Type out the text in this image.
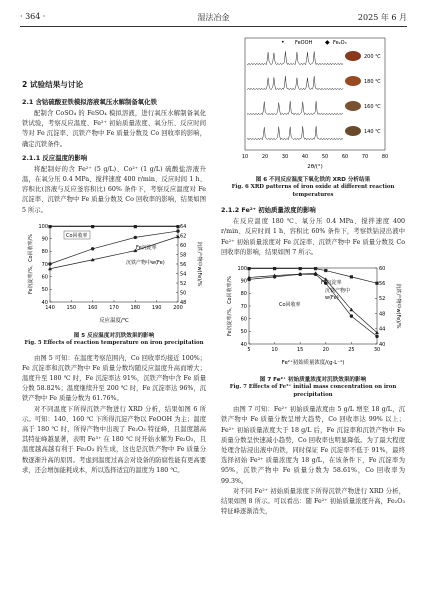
· 364 ·	湿法冶金	2025 年 6 月
2 试验结果与讨论
2.1 含钴硫酸亚铁模拟溶液氧压水解制备氧化铁

配制含 CoSO₄ 的 FeSO₄ 模拟溶液，进行氧压水解制备氧化铁试验，考察反应温度、Fe²⁺ 初始质量浓度、氧分压、反应时间等对 Fe 沉淀率、沉铁产物中 Fe 质量分数及 Co 回收率的影响，确定沉铁条件。

2.1.1 反应温度的影响

将配制好的含 Fe²⁺ (5 g/L)、Co²⁺ (1 g/L) 硫酸盐溶液升温，在氧分压 0.4 MPa、搅拌速度 400 r/min、反应时间 1 h、容积比(溶液与反应釜容积比) 60% 条件下，考察反应温度对 Fe 沉淀率、沉铁产物中 Fe 质量分数及 Co 回收率的影响，结果如图 5 所示。

140 150 160 170 180 190 200
40
50
60
70
80
90
100
48
50
52
54
56
58
60
62
64
Fe沉淀率/%，Co回收率/%	沉铁产物中w(Fe)/%
反应温度/℃
Co回收率
Fe沉淀率
沉铁产物中w(Fe)
图 5 反应温度对沉铁效果的影响
Fig. 5 Effects of reaction temperature on iron precipitation

由图 5 可知：在温度考察范围内，Co 回收率均接近 100%；Fe 沉淀率和沉铁产物中 Fe 质量分数均随反应温度升高而增大；温度升至 180 ℃ 时，Fe 沉淀率达 91%，沉铁产物中含 Fe 质量分数 58.82%；温度继续升至 200 ℃ 时，Fe 沉淀率达 96%，沉铁产物中 Fe 质量分数为 61.76%。

对不同温度下所得沉铁产物进行 XRD 分析，结果如图 6 所示。可知：140、160 ℃ 下所得沉淀产物以 FeOOH 为主；温度高于 180 ℃ 时，所得产物中出现了 Fe₂O₃ 特征峰，且温度越高其特征峰越显著，表明 Fe³⁺ 在 180 ℃ 时开始水解为 Fe₂O₃，且温度越高越有利于 Fe₂O₃ 的生成，这也是沉铁产物中 Fe 质量分数逐渐升高的原因。考虑到温度过高会对设备的防腐性能有更高要求，还会增加能耗成本，所以选择适宜的温度为 180 ℃。

FeOOH
•	Fe₂O₃
◆
200 ℃
180 ℃
160 ℃
140 ℃
10	20	30	40	50	60	70	80
2θ/(°)
图 6 不同反应温度下氧化铁的 XRD 分析结果
Fig. 6 XRD patterns of iron oxide at different reaction temperatures
2.1.2 Fe²⁺ 初始质量浓度的影响

在反应温度 180 ℃、氧分压 0.4 MPa、搅拌速度 400 r/min、反应时间 1 h、容积比 60% 条件下，考察铁钴浸出液中 Fe²⁺ 初始质量浓度对 Fe 沉淀率、沉铁产物中 Fe 质量分数及 Co 回收率的影响，结果如图 7 所示。

5	10	15	20	25	30
40
50
60
70
80
90
100
40
44
48
52
56
60
Fe沉淀率/%，Co回收率/%	沉铁产物中w(Fe)/%
Fe²⁺初始质量浓度/(g·L⁻¹)
Co回收率
Fe沉淀率
沉铁产物中
w(Fe)
图 7 Fe²⁺ 初始质量浓度对沉铁效果的影响
Fig. 7 Effects of Fe²⁺ initial mass concentration on iron precipitation

由图 7 可知：Fe²⁺ 初始质量浓度由 5 g/L 增至 18 g/L，沉铁产物中 Fe 质量分数呈增大趋势，Co 回收率达 99% 以上；Fe²⁺ 初始质量浓度大于 18 g/L 后，Fe 沉淀率和沉铁产物中 Fe 质量分数呈快速减小趋势，Co 回收率也明显降低。为了最大程度处理含钴浸出液中的铁，同时保证 Fe 沉淀率不低于 91%，最终选择初始 Fe²⁺ 质量浓度为 18 g/L，在该条件下，Fe 沉淀率为 95%，沉铁产物中 Fe 质量分数为 58.61%，Co 回收率为 99.3%。

对不同 Fe²⁺ 初始质量浓度下所得沉铁产物进行 XRD 分析，结果如图 8 所示。可以看出：随 Fe²⁺ 初始质量浓度升高，Fe₂O₃ 特征峰逐渐消失，
